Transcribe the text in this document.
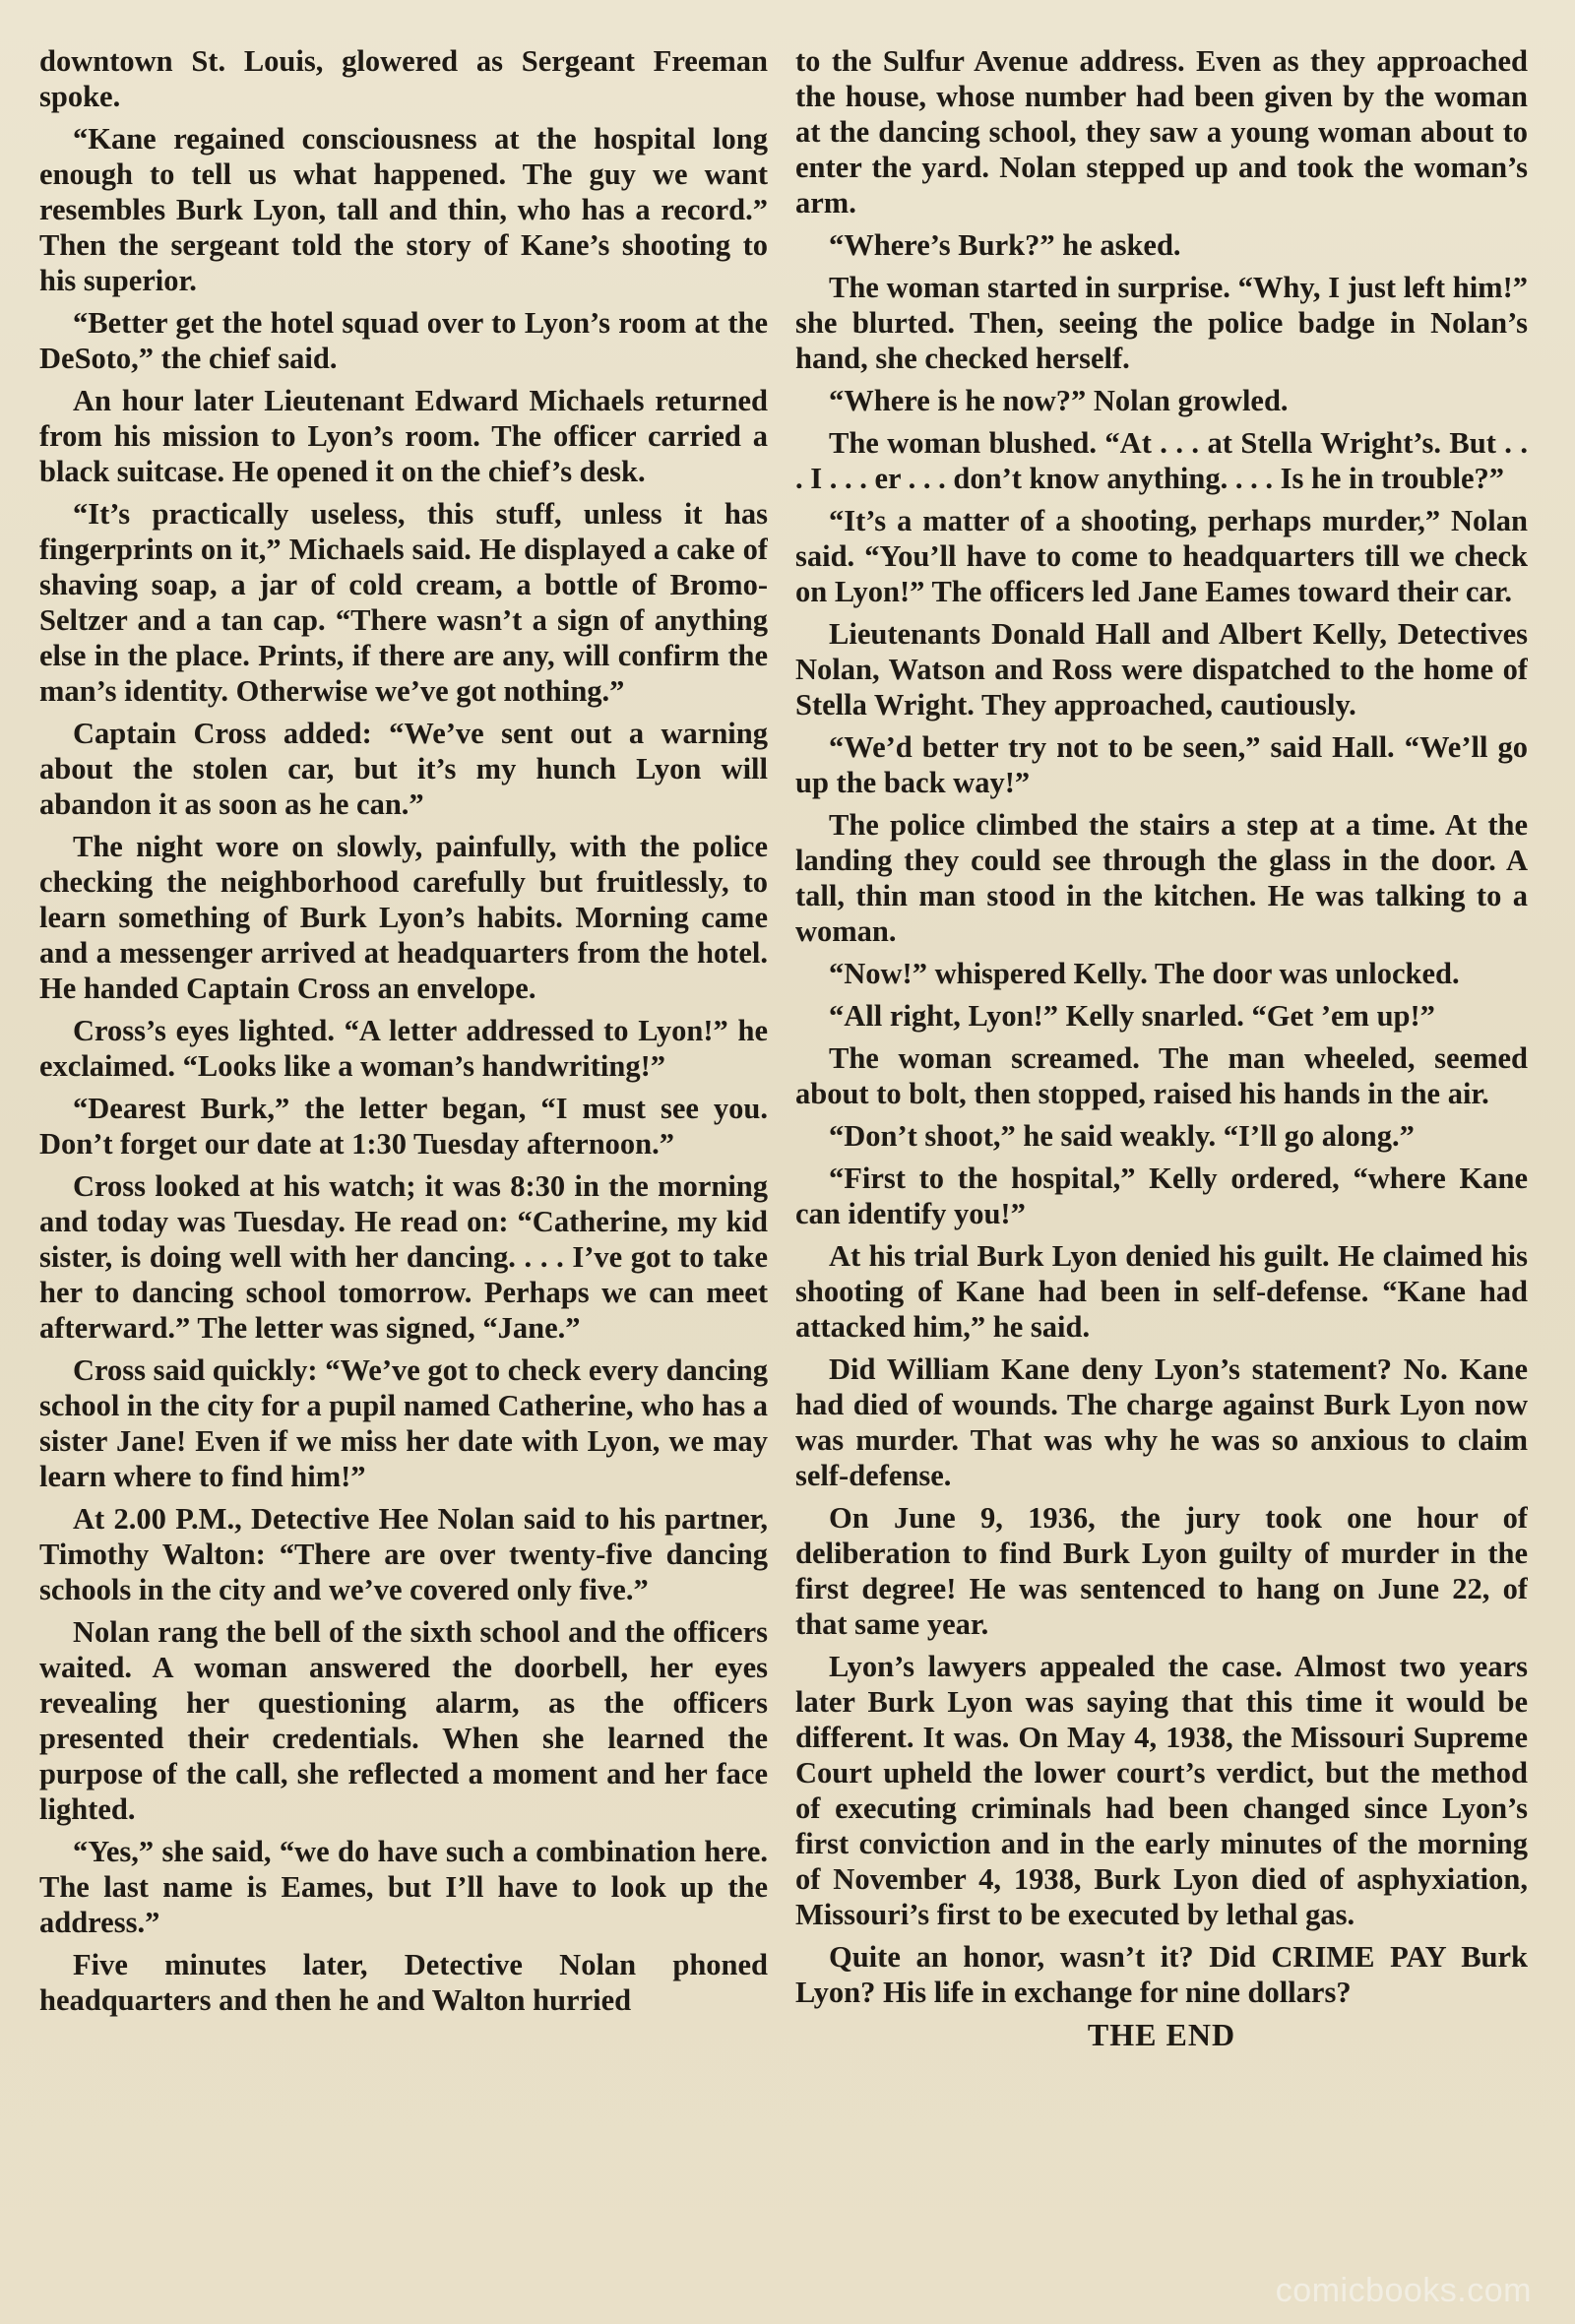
downtown St. Louis, glowered as Sergeant Freeman spoke.

“Kane regained consciousness at the hospital long enough to tell us what happened. The guy we want resembles Burk Lyon, tall and thin, who has a record.” Then the sergeant told the story of Kane’s shooting to his superior.

“Better get the hotel squad over to Lyon’s room at the DeSoto,” the chief said.

An hour later Lieutenant Edward Michaels returned from his mission to Lyon’s room. The officer carried a black suitcase. He opened it on the chief’s desk.

“It’s practically useless, this stuff, unless it has fingerprints on it,” Michaels said. He displayed a cake of shaving soap, a jar of cold cream, a bottle of Bromo-Seltzer and a tan cap. “There wasn’t a sign of anything else in the place. Prints, if there are any, will confirm the man’s identity. Otherwise we’ve got nothing.”

Captain Cross added: “We’ve sent out a warning about the stolen car, but it’s my hunch Lyon will abandon it as soon as he can.”

The night wore on slowly, painfully, with the police checking the neighborhood carefully but fruitlessly, to learn something of Burk Lyon’s habits. Morning came and a messenger arrived at headquarters from the hotel. He handed Captain Cross an envelope.

Cross’s eyes lighted. “A letter addressed to Lyon!” he exclaimed. “Looks like a woman’s handwriting!”

“Dearest Burk,” the letter began, “I must see you. Don’t forget our date at 1:30 Tuesday afternoon.”

Cross looked at his watch; it was 8:30 in the morning and today was Tuesday. He read on: “Catherine, my kid sister, is doing well with her dancing. . . . I’ve got to take her to dancing school tomorrow. Perhaps we can meet afterward.” The letter was signed, “Jane.”

Cross said quickly: “We’ve got to check every dancing school in the city for a pupil named Catherine, who has a sister Jane! Even if we miss her date with Lyon, we may learn where to find him!”

At 2.00 P.M., Detective Hee Nolan said to his partner, Timothy Walton: “There are over twenty-five dancing schools in the city and we’ve covered only five.”

Nolan rang the bell of the sixth school and the officers waited. A woman answered the doorbell, her eyes revealing her questioning alarm, as the officers presented their credentials. When she learned the purpose of the call, she reflected a moment and her face lighted.

“Yes,” she said, “we do have such a combination here. The last name is Eames, but I’ll have to look up the address.”

Five minutes later, Detective Nolan phoned headquarters and then he and Walton hurried

to the Sulfur Avenue address. Even as they approached the house, whose number had been given by the woman at the dancing school, they saw a young woman about to enter the yard. Nolan stepped up and took the woman’s arm.

“Where’s Burk?” he asked.

The woman started in surprise. “Why, I just left him!” she blurted. Then, seeing the police badge in Nolan’s hand, she checked herself.

“Where is he now?” Nolan growled.

The woman blushed. “At . . . at Stella Wright’s. But . . . I . . . er . . . don’t know anything. . . . Is he in trouble?”

“It’s a matter of a shooting, perhaps murder,” Nolan said. “You’ll have to come to headquarters till we check on Lyon!” The officers led Jane Eames toward their car.

Lieutenants Donald Hall and Albert Kelly, Detectives Nolan, Watson and Ross were dispatched to the home of Stella Wright. They approached, cautiously.

“We’d better try not to be seen,” said Hall. “We’ll go up the back way!”

The police climbed the stairs a step at a time. At the landing they could see through the glass in the door. A tall, thin man stood in the kitchen. He was talking to a woman.

“Now!” whispered Kelly. The door was unlocked.

“All right, Lyon!” Kelly snarled. “Get ’em up!”

The woman screamed. The man wheeled, seemed about to bolt, then stopped, raised his hands in the air.

“Don’t shoot,” he said weakly. “I’ll go along.”

“First to the hospital,” Kelly ordered, “where Kane can identify you!”

At his trial Burk Lyon denied his guilt. He claimed his shooting of Kane had been in self-defense. “Kane had attacked him,” he said.

Did William Kane deny Lyon’s statement? No. Kane had died of wounds. The charge against Burk Lyon now was murder. That was why he was so anxious to claim self-defense.

On June 9, 1936, the jury took one hour of deliberation to find Burk Lyon guilty of murder in the first degree! He was sentenced to hang on June 22, of that same year.

Lyon’s lawyers appealed the case. Almost two years later Burk Lyon was saying that this time it would be different. It was. On May 4, 1938, the Missouri Supreme Court upheld the lower court’s verdict, but the method of executing criminals had been changed since Lyon’s first conviction and in the early minutes of the morning of November 4, 1938, Burk Lyon died of asphyxiation, Missouri’s first to be executed by lethal gas.

Quite an honor, wasn’t it? Did CRIME PAY Burk Lyon? His life in exchange for nine dollars?

THE END

comicbooks.com
